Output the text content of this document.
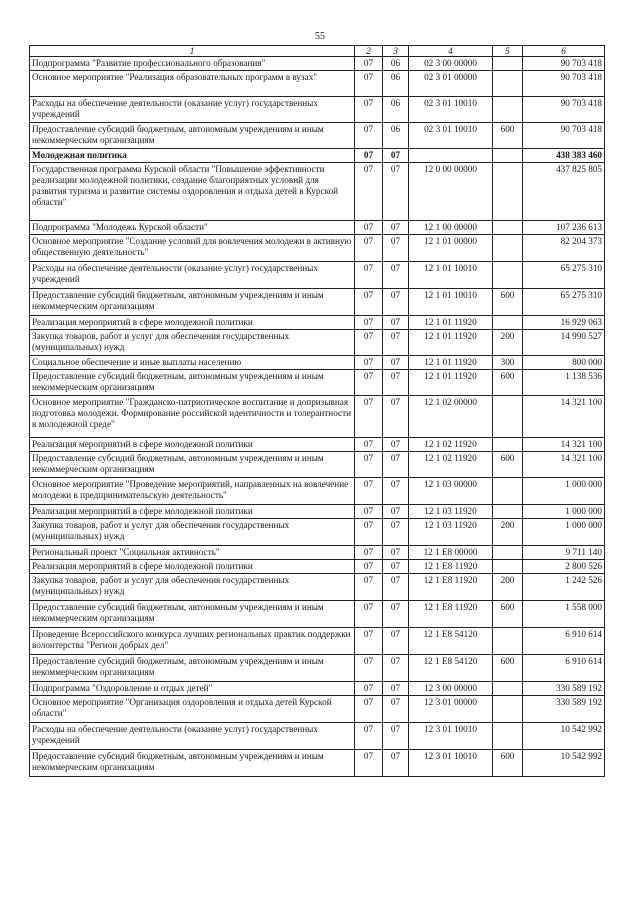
55
1	2	3	4	5	6
Подпрограмма "Развитие профессионального образования"	07	06	02 3 00 00000		90 703 418
Основное мероприятие "Реализация образовательных программ в вузах"	07	06	02 3 01 00000		90 703 418
Расходы на обеспечение деятельности (оказание услуг) государственных учреждений	07	06	02 3 01 10010		90 703 418
Предоставление субсидий бюджетным, автономным учреждениям и иным некоммерческим организациям	07	06	02 3 01 10010	600	90 703 418
Молодежная политика	07	07			438 383 460
Государственная программа Курской области "Повышение эффективности реализации молодежной политики, создание благоприятных условий для развития туризма и развитие системы оздоровления и отдыха детей в Курской области"	07	07	12 0 00 00000		437 825 805
Подпрограмма "Молодежь Курской области"	07	07	12 1 00 00000		107 236 613
Основное мероприятие "Создание условий для вовлечения молодежи в активную общественную деятельность"	07	07	12 1 01 00000		82 204 373
Расходы на обеспечение деятельности (оказание услуг) государственных учреждений	07	07	12 1 01 10010		65 275 310
Предоставление субсидий бюджетным, автономным учреждениям и иным некоммерческим организациям	07	07	12 1 01 10010	600	65 275 310
Реализация мероприятий в сфере молодежной политики	07	07	12 1 01 11920		16 929 063
Закупка товаров, работ и услуг для обеспечения государственных (муниципальных) нужд	07	07	12 1 01 11920	200	14 990 527
Социальное обеспечение и иные выплаты населению	07	07	12 1 01 11920	300	800 000
Предоставление субсидий бюджетным, автономным учреждениям и иным некоммерческим организациям	07	07	12 1 01 11920	600	1 138 536
Основное мероприятие "Гражданско-патриотическое воспитание и допризывная подготовка молодежи. Формирование российской идентичности и толерантности в молодежной среде"	07	07	12 1 02 00000		14 321 100
Реализация мероприятий в сфере молодежной политики	07	07	12 1 02 11920		14 321 100
Предоставление субсидий бюджетным, автономным учреждениям и иным некоммерческим организациям	07	07	12 1 02 11920	600	14 321 100
Основное мероприятие "Проведение мероприятий, направленных на вовлечение молодежи в предпринимательскую деятельность"	07	07	12 1 03 00000		1 000 000
Реализация мероприятий в сфере молодежной политики	07	07	12 1 03 11920		1 000 000
Закупка товаров, работ и услуг для обеспечения государственных (муниципальных) нужд	07	07	12 1 03 11920	200	1 000 000
Региональный проект "Социальная активность"	07	07	12 1 E8 00000		9 711 140
Реализация мероприятий в сфере молодежной политики	07	07	12 1 E8 11920		2 800 526
Закупка товаров, работ и услуг для обеспечения государственных (муниципальных) нужд	07	07	12 1 E8 11920	200	1 242 526
Предоставление субсидий бюджетным, автономным учреждениям и иным некоммерческим организациям	07	07	12 1 E8 11920	600	1 558 000
Проведение Всероссийского конкурса лучших региональных практик поддержки волонтерства "Регион добрых дел"	07	07	12 1 E8 54120		6 910 614
Предоставление субсидий бюджетным, автономным учреждениям и иным некоммерческим организациям	07	07	12 1 E8 54120	600	6 910 614
Подпрограмма "Оздоровление и отдых детей"	07	07	12 3 00 00000		330 589 192
Основное мероприятие "Организация оздоровления и отдыха детей Курской области"	07	07	12 3 01 00000		330 589 192
Расходы на обеспечение деятельности (оказание услуг) государственных учреждений	07	07	12 3 01 10010		10 542 992
Предоставление субсидий бюджетным, автономным учреждениям и иным некоммерческим организациям	07	07	12 3 01 10010	600	10 542 992
